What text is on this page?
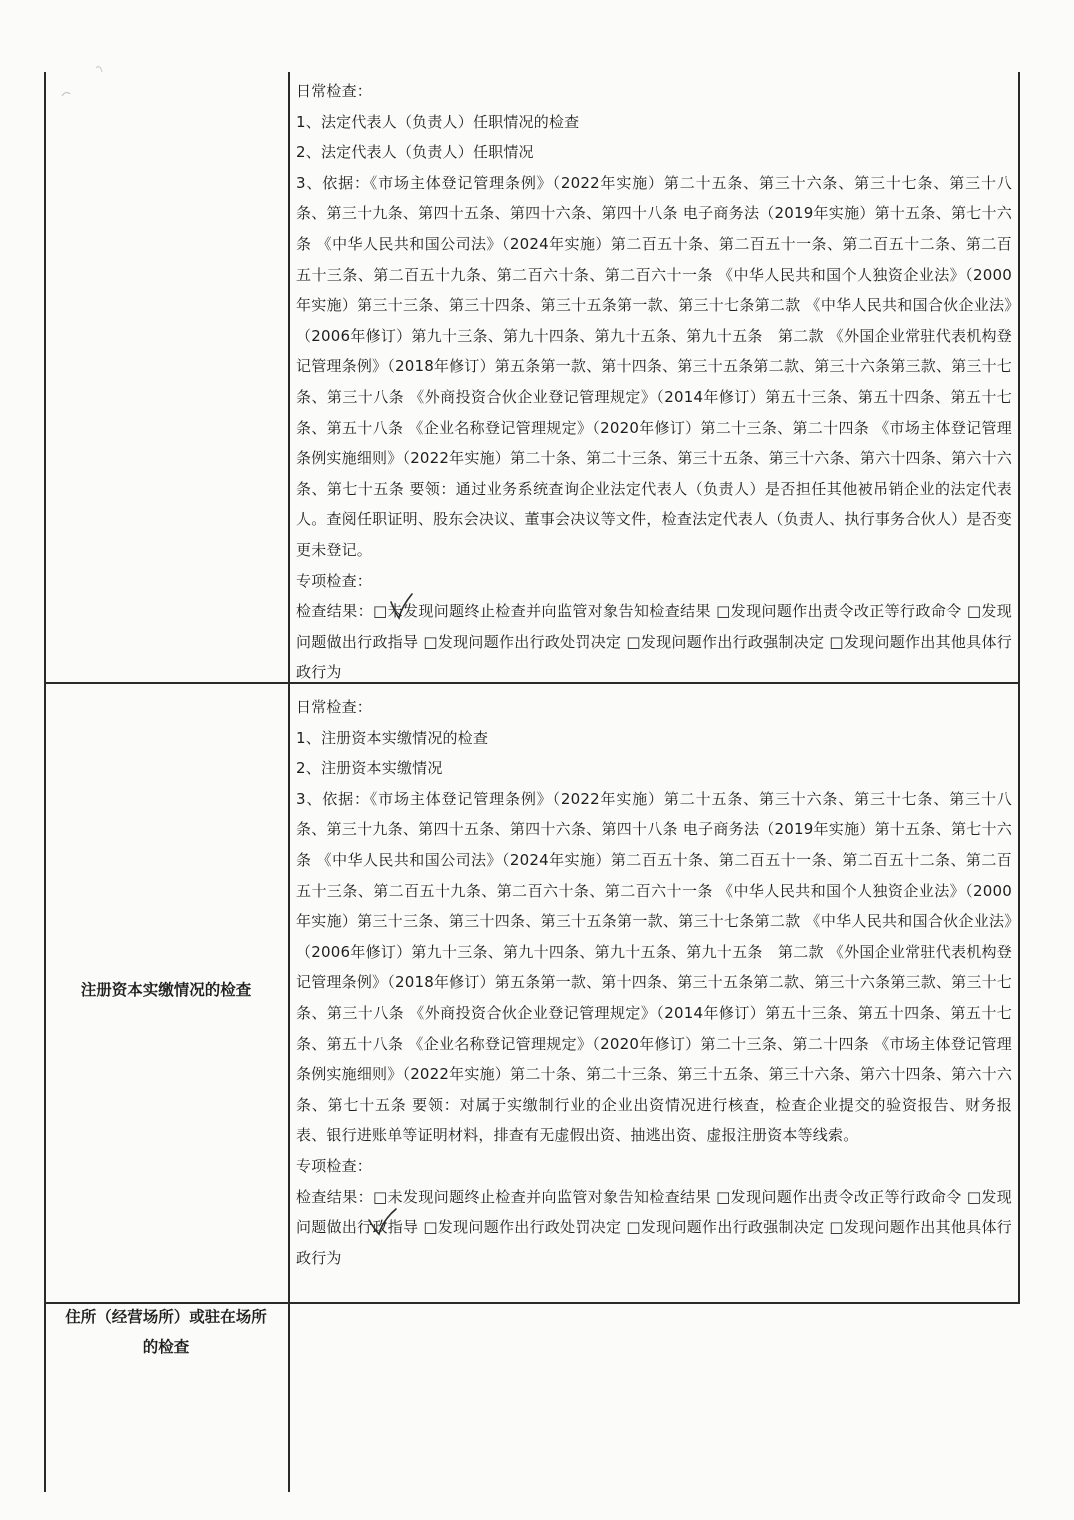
日常检查：

1、法定代表人（负责人）任职情况的检查

2、法定代表人（负责人）任职情况

3、依据：《市场主体登记管理条例》（2022年实施）第二十五条、第三十六条、第三十七条、第三十八条、第三十九条、第四十五条、第四十六条、第四十八条 电子商务法（2019年实施）第十五条、第七十六条 《中华人民共和国公司法》（2024年实施）第二百五十条、第二百五十一条、第二百五十二条、第二百五十三条、第二百五十九条、第二百六十条、第二百六十一条 《中华人民共和国个人独资企业法》（2000年实施）第三十三条、第三十四条、第三十五条第一款、第三十七条第二款 《中华人民共和国合伙企业法》（2006年修订）第九十三条、第九十四条、第九十五条、第九十五条　第二款 《外国企业常驻代表机构登记管理条例》（2018年修订）第五条第一款、第十四条、第三十五条第二款、第三十六条第三款、第三十七条、第三十八条 《外商投资合伙企业登记管理规定》（2014年修订）第五十三条、第五十四条、第五十七条、第五十八条 《企业名称登记管理规定》（2020年修订）第二十三条、第二十四条 《市场主体登记管理条例实施细则》（2022年实施）第二十条、第二十三条、第三十五条、第三十六条、第六十四条、第六十六条、第七十五条 要领：通过业务系统查询企业法定代表人（负责人）是否担任其他被吊销企业的法定代表人。查阅任职证明、股东会决议、董事会决议等文件，检查法定代表人（负责人、执行事务合伙人）是否变更未登记。

专项检查：

检查结果：□未发现问题终止检查并向监管对象告知检查结果 □发现问题作出责令改正等行政命令 □发现问题做出行政指导 □发现问题作出行政处罚决定 □发现问题作出行政强制决定 □发现问题作出其他具体行政行为

注册资本实缴情况的检查

日常检查：

1、注册资本实缴情况的检查

2、注册资本实缴情况

3、依据：《市场主体登记管理条例》（2022年实施）第二十五条、第三十六条、第三十七条、第三十八条、第三十九条、第四十五条、第四十六条、第四十八条 电子商务法（2019年实施）第十五条、第七十六条 《中华人民共和国公司法》（2024年实施）第二百五十条、第二百五十一条、第二百五十二条、第二百五十三条、第二百五十九条、第二百六十条、第二百六十一条 《中华人民共和国个人独资企业法》（2000年实施）第三十三条、第三十四条、第三十五条第一款、第三十七条第二款 《中华人民共和国合伙企业法》（2006年修订）第九十三条、第九十四条、第九十五条、第九十五条　第二款 《外国企业常驻代表机构登记管理条例》（2018年修订）第五条第一款、第十四条、第三十五条第二款、第三十六条第三款、第三十七条、第三十八条 《外商投资合伙企业登记管理规定》（2014年修订）第五十三条、第五十四条、第五十七条、第五十八条 《企业名称登记管理规定》（2020年修订）第二十三条、第二十四条 《市场主体登记管理条例实施细则》（2022年实施）第二十条、第二十三条、第三十五条、第三十六条、第六十四条、第六十六条、第七十五条 要领：对属于实缴制行业的企业出资情况进行核查，检查企业提交的验资报告、财务报表、银行进账单等证明材料，排查有无虚假出资、抽逃出资、虚报注册资本等线索。

专项检查：

检查结果：□未发现问题终止检查并向监管对象告知检查结果 □发现问题作出责令改正等行政命令 □发现问题做出行政指导 □发现问题作出行政处罚决定 □发现问题作出行政强制决定 □发现问题作出其他具体行政行为

住所（经营场所）或驻在场所的检查
